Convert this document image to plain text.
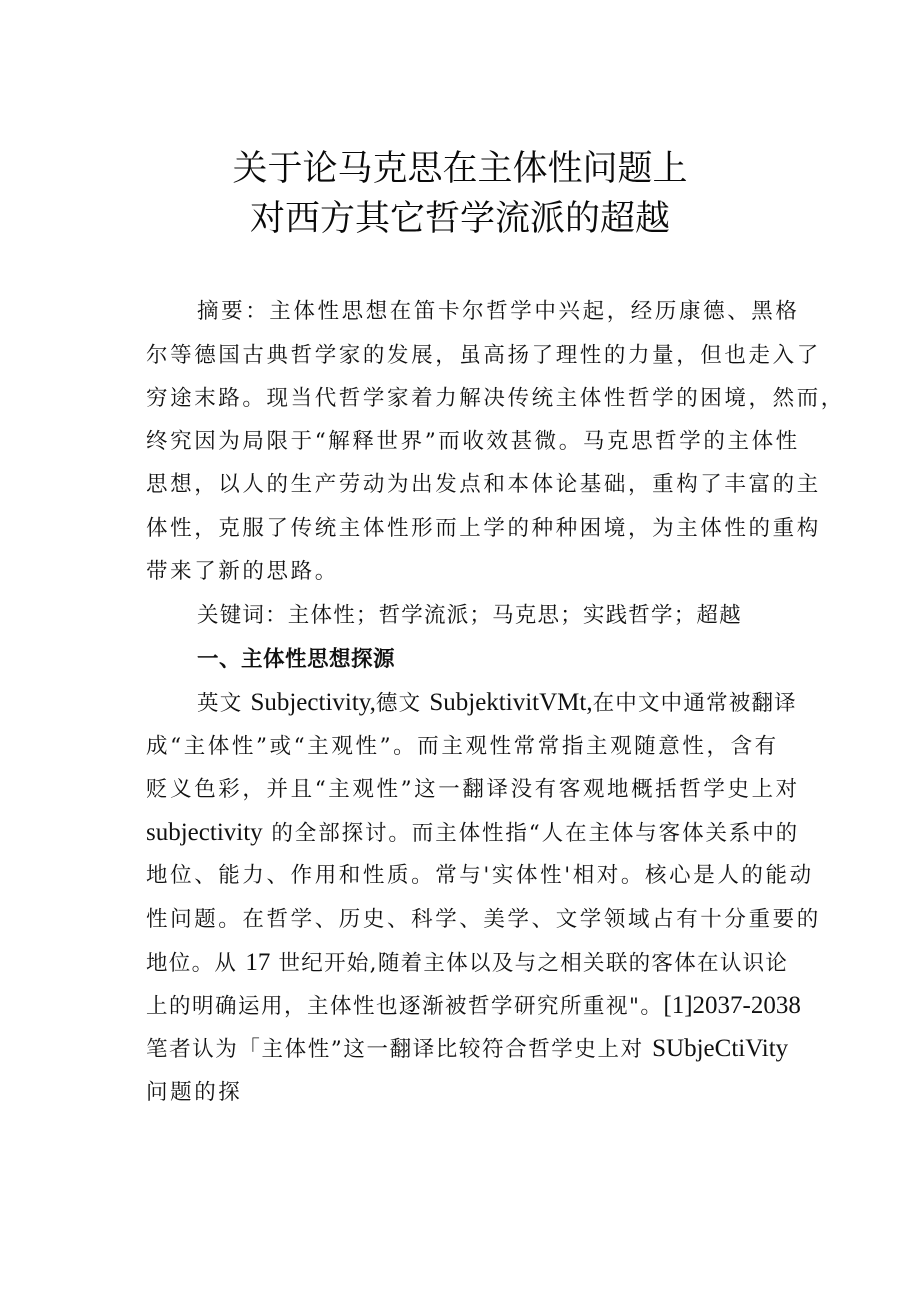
关于论马克思在主体性问题上
对西方其它哲学流派的超越
摘要：主体性思想在笛卡尔哲学中兴起，经历康德、黑格
尔等德国古典哲学家的发展，虽高扬了理性的力量，但也走入了
穷途末路。现当代哲学家着力解决传统主体性哲学的困境，然而，
终究因为局限于“解释世界”而收效甚微。马克思哲学的主体性
思想，以人的生产劳动为出发点和本体论基础，重构了丰富的主
体性，克服了传统主体性形而上学的种种困境，为主体性的重构
带来了新的思路。
关键词：主体性；哲学流派；马克思；实践哲学；超越
一、主体性思想探源
英文 Subjectivity,德文 SubjektivitVMt,在中文中通常被翻译
成“主体性”或“主观性”。而主观性常常指主观随意性，含有
贬义色彩，并且“主观性”这一翻译没有客观地概括哲学史上对
subjectivity 的全部探讨。而主体性指“人在主体与客体关系中的
地位、能力、作用和性质。常与'实体性'相对。核心是人的能动
性问题。在哲学、历史、科学、美学、文学领域占有十分重要的
地位。从 17 世纪开始,随着主体以及与之相关联的客体在认识论
上的明确运用，主体性也逐渐被哲学研究所重视"。[1]2037-2038
笔者认为「主体性”这一翻译比较符合哲学史上对 SUbjeCtiVity
问题的探
